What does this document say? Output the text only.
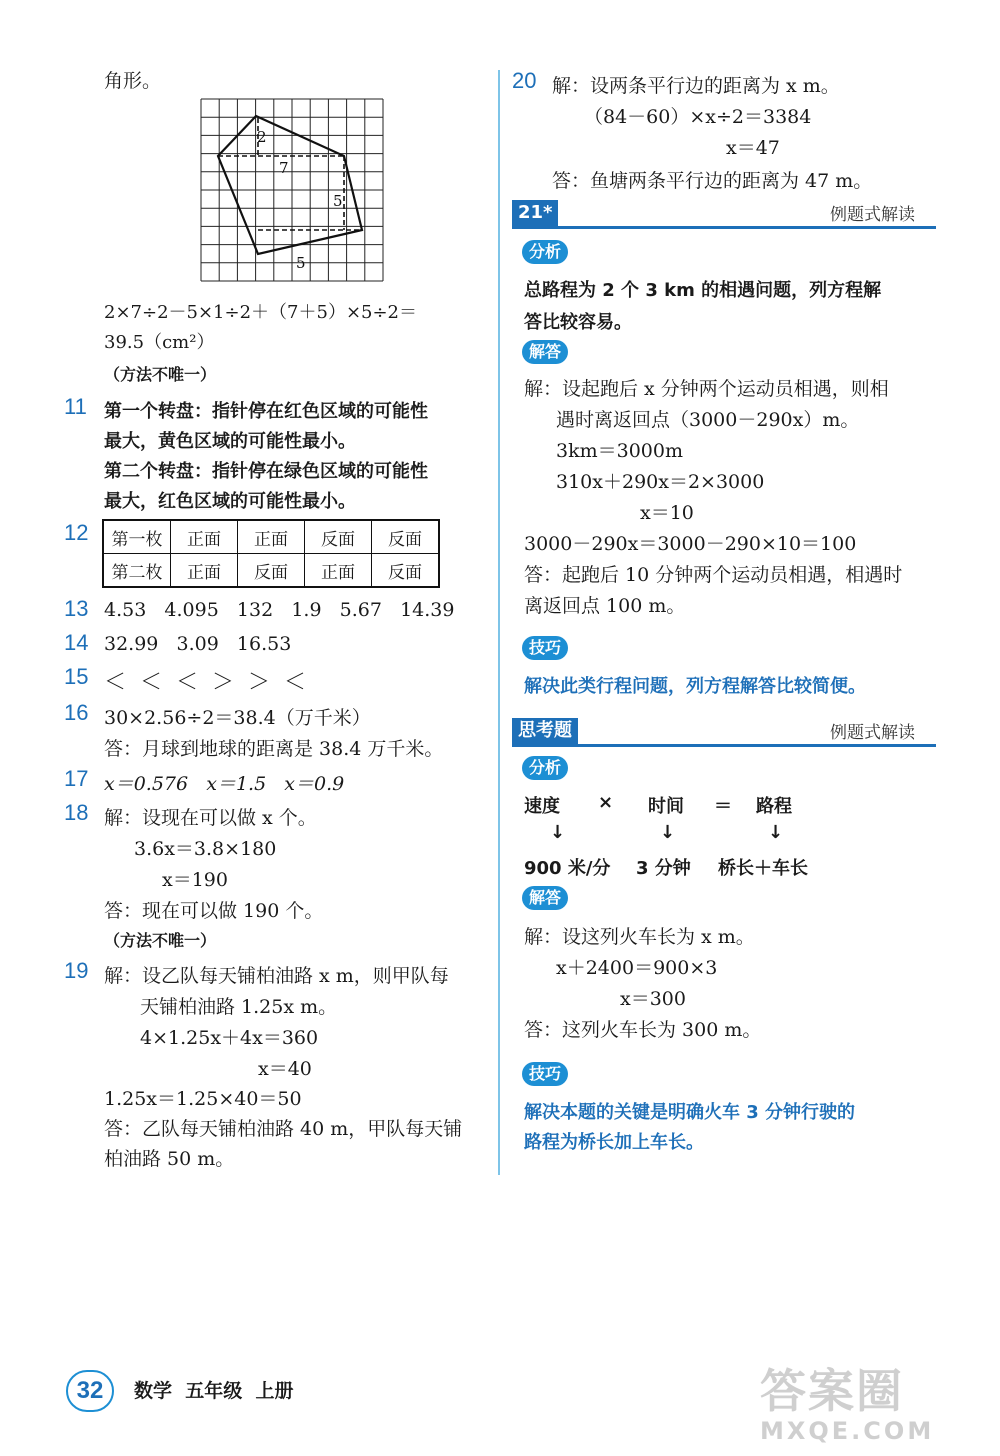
角形。
2
7
5
5
2×7÷2－5×1÷2＋（7＋5）×5÷2＝
39.5（cm²）
（方法不唯一）
11 第一个转盘：指针停在红色区域的可能性
最大，黄色区域的可能性最小。
第二个转盘：指针停在绿色区域的可能性
最大，红色区域的可能性最小。
12 第一枚	正面	正面	反面	反面
第二枚	正面	反面	正面	反面
13 4.53   4.095   132   1.9   5.67   14.39
14 32.99   3.09   16.53
15 ＜  ＜  ＜  ＞  ＞  ＜
16 30×2.56÷2＝38.4（万千米）
答：月球到地球的距离是 38.4 万千米。
17 x＝0.576   x＝1.5   x＝0.9
18 解：设现在可以做 x 个。
3.6x＝3.8×180
x＝190
答：现在可以做 190 个。
（方法不唯一）
19 解：设乙队每天铺柏油路 x m，则甲队每
天铺柏油路 1.25x m。
4×1.25x＋4x＝360
x＝40
1.25x＝1.25×40＝50
答：乙队每天铺柏油路 40 m，甲队每天铺
柏油路 50 m。
20 解：设两条平行边的距离为 x m。
（84－60）×x÷2＝3384
x＝47
答：鱼塘两条平行边的距离为 47 m。
21*	例题式解读
分析
总路程为 2 个 3 km 的相遇问题，列方程解
答比较容易。
解答
解：设起跑后 x 分钟两个运动员相遇，则相
遇时离返回点（3000－290x）m。
3km＝3000m
310x＋290x＝2×3000
x＝10
3000－290x＝3000－290×10＝100
答：起跑后 10 分钟两个运动员相遇，相遇时
离返回点 100 m。
技巧
解决此类行程问题，列方程解答比较简便。
思考题	例题式解读
分析
速度 × 时间 ＝ 路程
↓	↓	↓
900 米/分 3 分钟 桥长＋车长
解答
解：设这列火车长为 x m。
x＋2400＝900×3
x＝300
答：这列火车长为 300 m。
技巧
解决本题的关键是明确火车 3 分钟行驶的
路程为桥长加上车长。
32	数学  五年级  上册	答案圈
MXQE.COM
